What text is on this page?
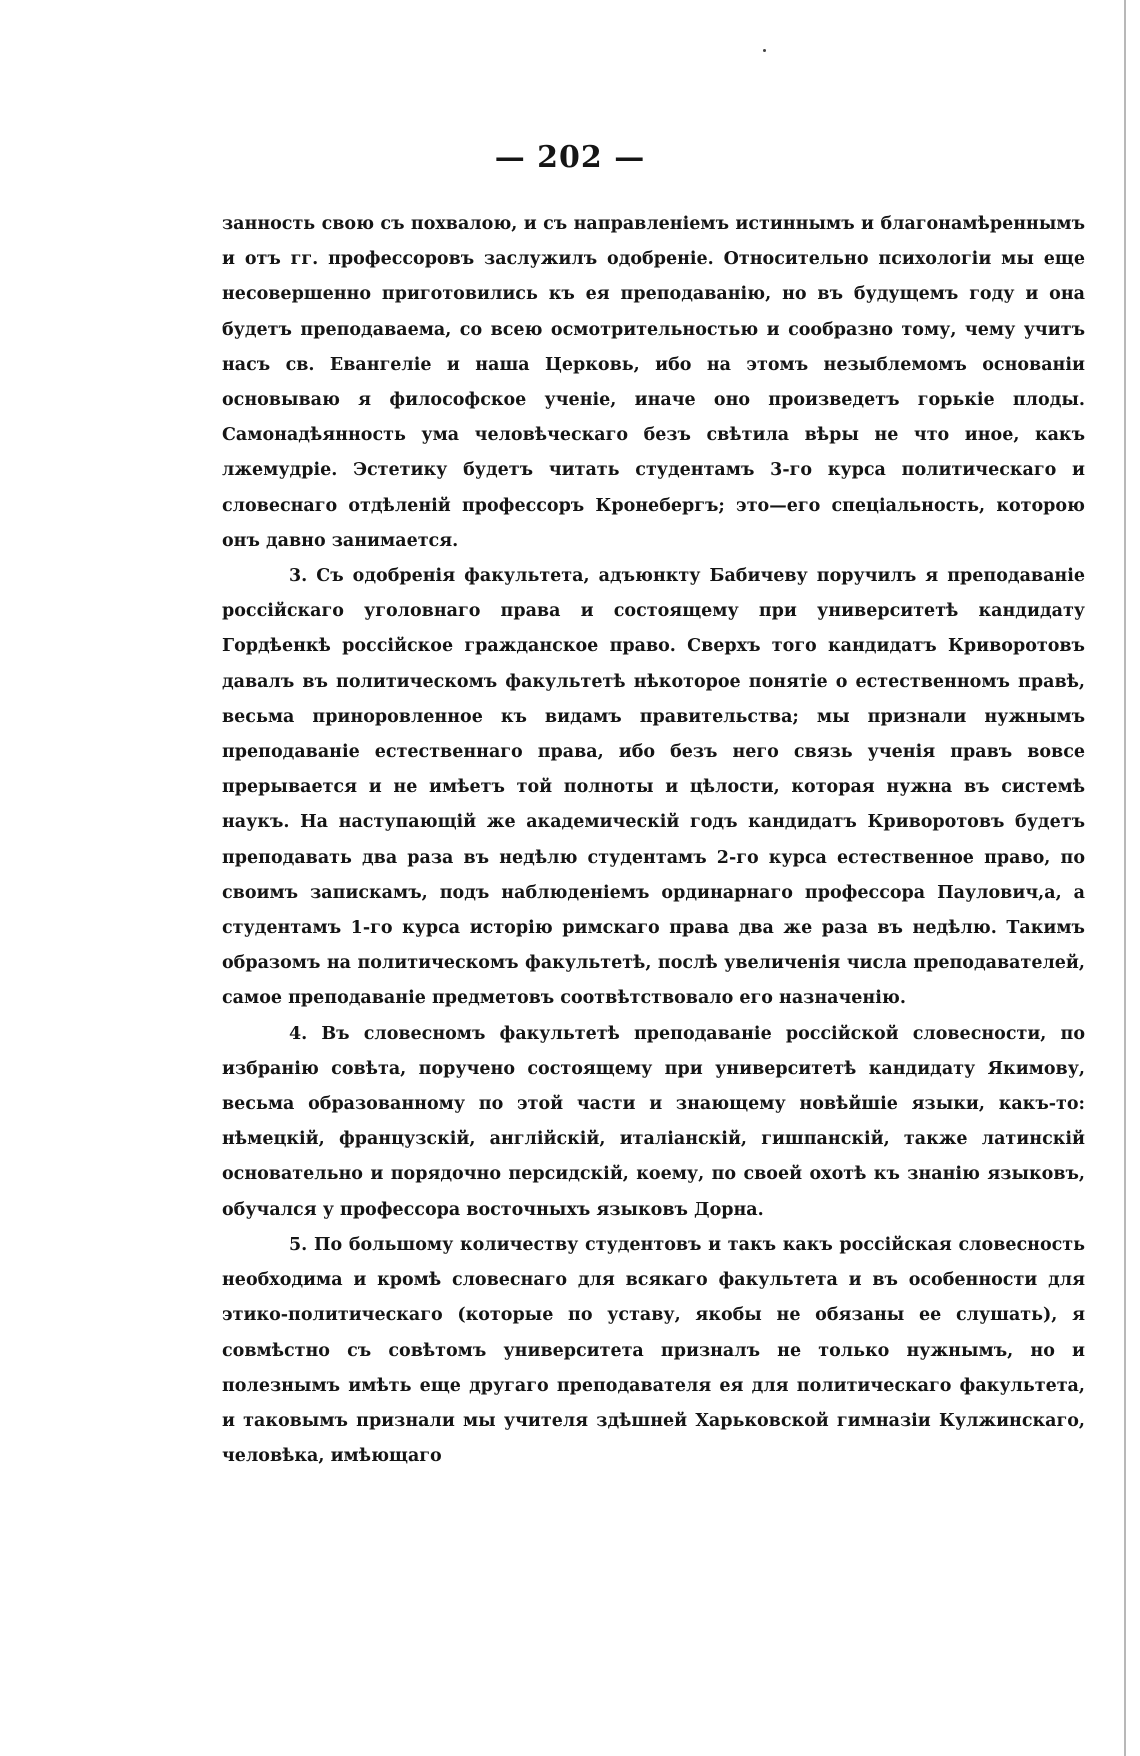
— 202 —

занность свою съ похвалою, и съ направленіемъ истиннымъ и благонамѣреннымъ и отъ гг. профессоровъ заслужилъ одобреніе. Относительно психологіи мы еще несовершенно приготовились къ ея преподаванію, но въ будущемъ году и она будетъ преподаваема, со всею осмотрительностью и сообразно тому, чему учитъ насъ св. Евангеліе и наша Церковь, ибо на этомъ незыблемомъ основаніи основываю я философское ученіе, иначе оно произведетъ горькіе плоды. Самонадѣянность ума человѣческаго безъ свѣтила вѣры не что иное, какъ лжемудріе. Эстетику будетъ читать студентамъ 3-го курса политическаго и словеснаго отдѣленій профессоръ Кронебергъ; это—его спеціальность, которою онъ давно занимается.

3. Съ одобренія факультета, адъюнкту Бабичеву поручилъ я преподаваніе россійскаго уголовнаго права и состоящему при университетѣ кандидату Гордѣенкѣ россійское гражданское право. Сверхъ того кандидатъ Криворотовъ давалъ въ политическомъ факультетѣ нѣкоторое понятіе о естественномъ правѣ, весьма приноровленное къ видамъ правительства; мы признали нужнымъ преподаваніе естественнаго права, ибо безъ него связь ученія правъ вовсе прерывается и не имѣетъ той полноты и цѣлости, которая нужна въ системѣ наукъ. На наступающій же академическій годъ кандидатъ Криворотовъ будетъ преподавать два раза въ недѣлю студентамъ 2-го курса естественное право, по своимъ запискамъ, подъ наблюденіемъ ординарнаго профессора Паулович,а, а студентамъ 1-го курса исторію римскаго права два же раза въ недѣлю. Такимъ образомъ на политическомъ факультетѣ, послѣ увеличенія числа преподавателей, самое преподаваніе предметовъ соотвѣтствовало его назначенію.

4. Въ словесномъ факультетѣ преподаваніе россійской словесности, по избранію совѣта, поручено состоящему при университетѣ кандидату Якимову, весьма образованному по этой части и знающему новѣйшіе языки, какъ-то: нѣмецкій, французскій, англійскій, италіанскій, гишпанскій, также латинскій основательно и порядочно персидскій, коему, по своей охотѣ къ знанію языковъ, обучался у профессора восточныхъ языковъ Дорна.

5. По большому количеству студентовъ и такъ какъ россійская словесность необходима и кромѣ словеснаго для всякаго факультета и въ особенности для этико-политическаго (которые по уставу, якобы не обязаны ее слушать), я совмѣстно съ совѣтомъ университета призналъ не только нужнымъ, но и полезнымъ имѣть еще другаго преподавателя ея для политическаго факультета, и таковымъ признали мы учителя здѣшней Харьковской гимназіи Кулжинскаго, человѣка, имѣющаго
